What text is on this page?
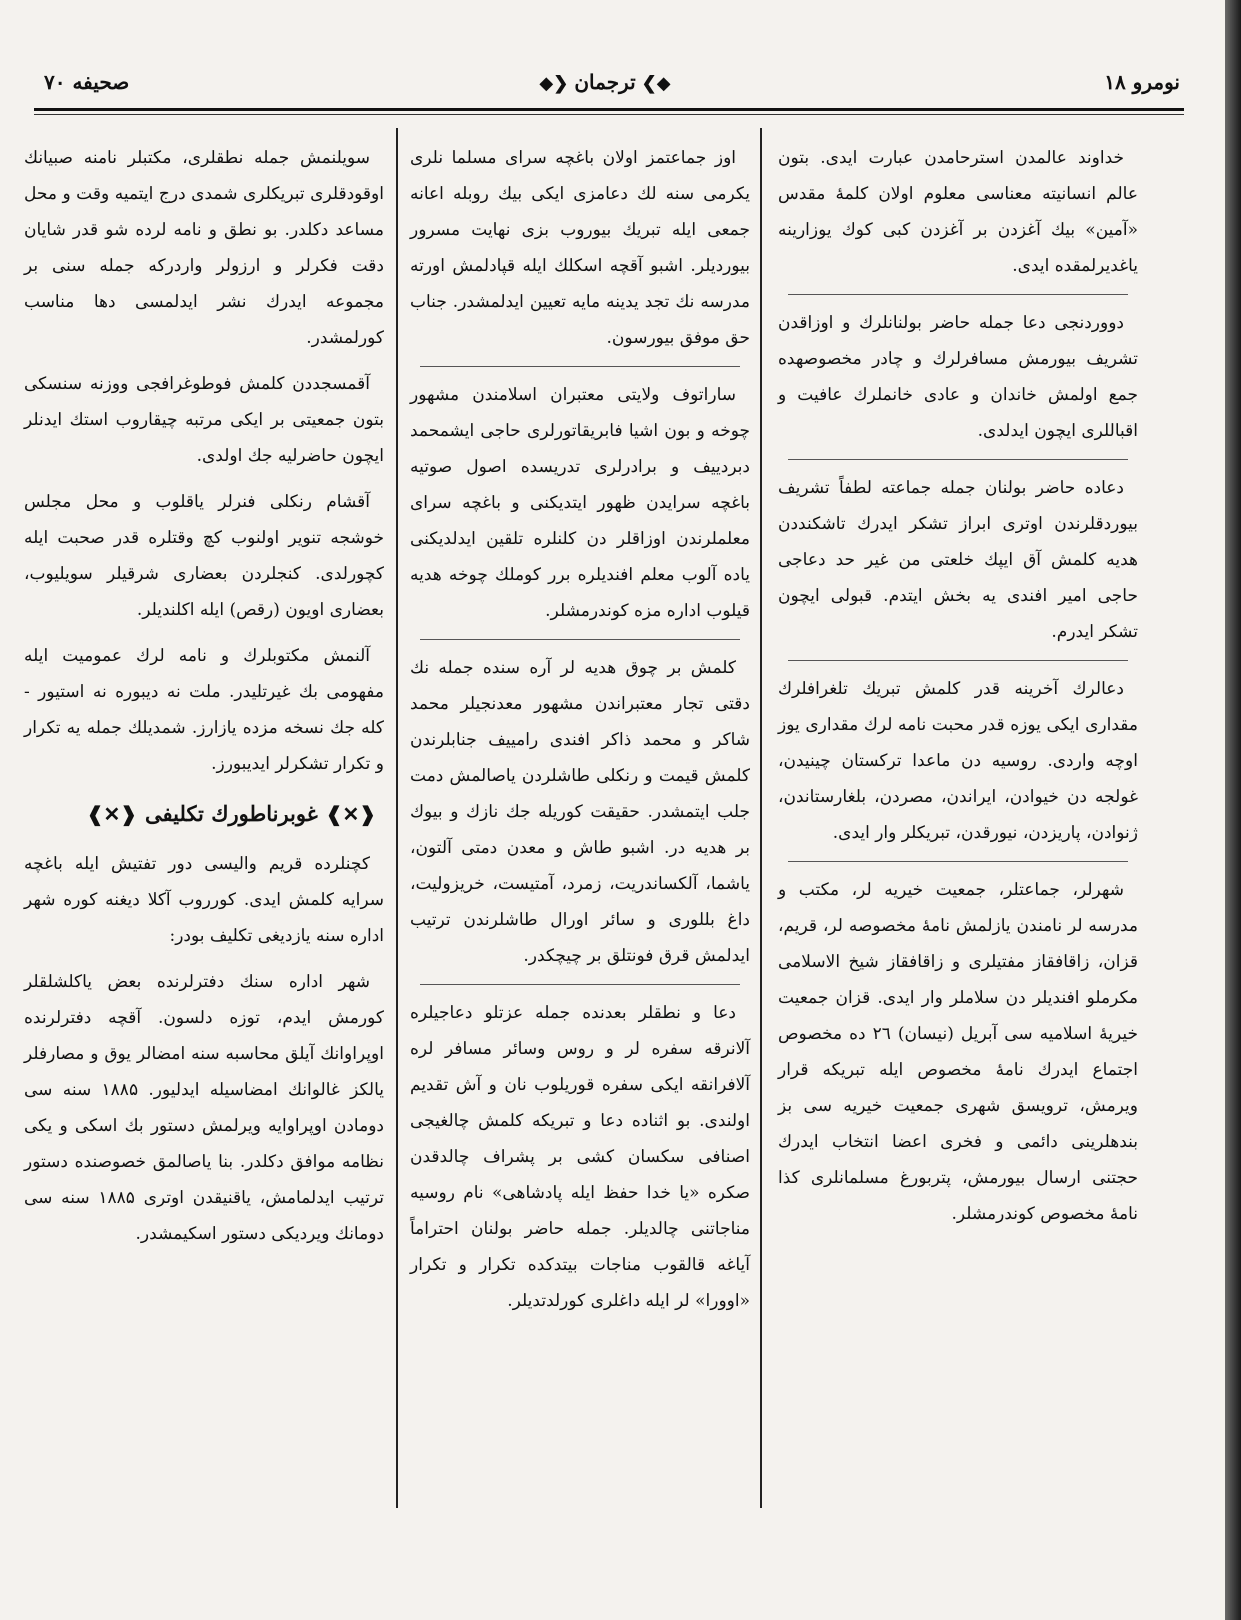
صحیفه ۷۰	❮◆ترجمان◆❯	نومرو ۱۸

خداوند عالمدن استرحامدن عبارت ایدی. بتون عالم انسانیته معناسی معلوم اولان کلمهٔ مقدس «آمین» بیك آغزدن بر آغزدن کبی کوك یوزارینه یاغدیرلمقده ایدی.

دووردنجی دعا جمله حاضر بولنانلرك و اوزاقدن تشریف بیورمش مسافرلرك و چادر مخصوصهده جمع اولمش خاندان و عادی خانملرك عافیت و اقباللری ایچون ایدلدی.

دعاده حاضر بولنان جمله جماعته لطفاً تشریف بیوردقلرندن اوتری ابراز تشکر ایدرك تاشکنددن هدیه کلمش آق ایپك خلعتی من غیر حد دعاجی حاجی امیر افندی یه بخش ایتدم. قبولی ایچون تشکر ایدرم.

دعالرك آخرینه قدر کلمش تبریك تلغرافلرك مقداری ایکی یوزه قدر محبت نامه لرك مقداری یوز اوچه واردی. روسیه دن ماعدا ترکستان چینیدن، غولجه دن خیوادن، ایراندن، مصردن، بلغارستاندن، ژنوادن، پاریزدن، نیورقدن، تبریکلر وار ایدی.

شهرلر، جماعتلر، جمعیت خیریه لر، مکتب و مدرسه لر نامندن یازلمش نامهٔ مخصوصه لر، قریم، قزان، زاقافقاز مفتیلری و زاقافقاز شیخ الاسلامی مکرملو افندیلر دن سلاملر وار ایدی. قزان جمعیت خیریهٔ اسلامیه سی آبریل (نیسان) ۲٦ ده مخصوص اجتماع ایدرك نامهٔ مخصوص ایله تبریکه قرار ویرمش، ترویسق شهری جمعیت خیریه سی بز بندهلرینی دائمی و فخری اعضا انتخاب ایدرك حجتنی ارسال بیورمش، پتربورغ مسلمانلری کذا نامهٔ مخصوص کوندرمشلر.

اوز جماعتمز اولان باغچه سرای مسلما نلری یکرمی سنه لك دعامزی ایکی بیك روبله اعانه جمعی ایله تبریك بیوروب بزی نهایت مسرور بیوردیلر. اشبو آقچه اسکلك ایله قپادلمش اورته مدرسه نك تجد یدینه مایه تعیین ایدلمشدر. جناب حق موفق بیورسون.

ساراتوف ولایتی معتبران اسلامندن مشهور چوخه و بون اشیا فابریقاتورلری حاجی ایشمحمد دبردییف و برادرلری تدریسده اصول صوتیه باغچه سرایدن ظهور ایتدیکنی و باغچه سرای معلملرندن اوزاقلر دن کلنلره تلقین ایدلدیکنی یاده آلوب معلم افندیلره برر کوملك چوخه هدیه قیلوب اداره مزه کوندرمشلر.

کلمش بر چوق هدیه لر آره سنده جمله نك دقتی تجار معتبراندن مشهور معدنجیلر محمد شاکر و محمد ذاکر افندی رامییف جنابلرندن کلمش قیمت و رنکلی طاشلردن یاصالمش دمت جلب ایتمشدر. حقیقت کوریله جك نازك و بیوك بر هدیه در. اشبو طاش و معدن دمتی آلتون، یاشما، آلکساندریت، زمرد، آمتیست، خریزولیت، داغ بللوری و سائر اورال طاشلرندن ترتیب ایدلمش قرق فونتلق بر چیچکدر.

دعا و نطقلر بعدنده جمله عزتلو دعاجیلره آلانرقه سفره لر و روس وسائر مسافر لره آلافرانقه ایکی سفره قوریلوب نان و آش تقدیم اولندی. بو اثناده دعا و تبریکه کلمش چالغیجی اصنافی سکسان کشی بر پشراف چالدقدن صکره «یا خدا حفظ ایله پادشاهی» نام روسیه مناجاتنی چالدیلر. جمله حاضر بولنان احتراماً آیاغه قالقوب مناجات بیتدکده تکرار و تکرار «اوورا» لر ایله داغلری کورلدتدیلر.

سویلنمش جمله نطقلری، مکتبلر نامنه صبیانك اوقودقلری تبریکلری شمدی درج ایتمیه وقت و محل مساعد دکلدر. بو نطق و نامه لرده شو قدر شایان دقت فکرلر و ارزولر واردرکه جمله سنی بر مجموعه ایدرك نشر ایدلمسی دها مناسب کورلمشدر.

آقمسجددن کلمش فوطوغرافجی ووزنه سنسکی بتون جمعیتی بر ایکی مرتبه چیقاروب استك ایدنلر ایچون حاضرلیه جك اولدی.

آقشام رنکلی فنرلر یاقلوب و محل مجلس خوشجه تنویر اولنوب کچ وقتلره قدر صحبت ایله کچورلدی. کنجلردن بعضاری شرقیلر سویلیوب، بعضاری اویون (رقص) ایله اکلندیلر.

آلنمش مکتوبلرك و نامه لرك عمومیت ایله مفهومی بك غیرتلیدر. ملت نه دیبوره نه استیور - کله جك نسخه مزده یازارز. شمدیلك جمله یه تکرار و تکرار تشکرلر ایدیبورز.

❰✕❱غوبرناطورك تكليفى❰✕❱

کچنلرده قریم والیسی دور تفتیش ایله باغچه سرایه کلمش ایدی. کورروب آکلا دیغنه کوره شهر اداره سنه یازدیغی تکلیف بودر:

شهر اداره سنك دفترلرنده بعض یاکلشلقلر کورمش ایدم، توزه دلسون. آقچه دفترلرنده اوپراوانك آیلق محاسبه سنه امضالر یوق و مصارفلر یالکز غالوانك امضاسیله ایدلیور. ۱۸۸۵ سنه سی دومادن اوپراوایه ویرلمش دستور بك اسکی و یکی نظامه موافق دکلدر. بنا یاصالمق خصوصنده دستور ترتیب ایدلمامش، یاقنیقدن اوتری ۱۸۸۵ سنه سی دومانك ویردیکی دستور اسکیمشدر.
